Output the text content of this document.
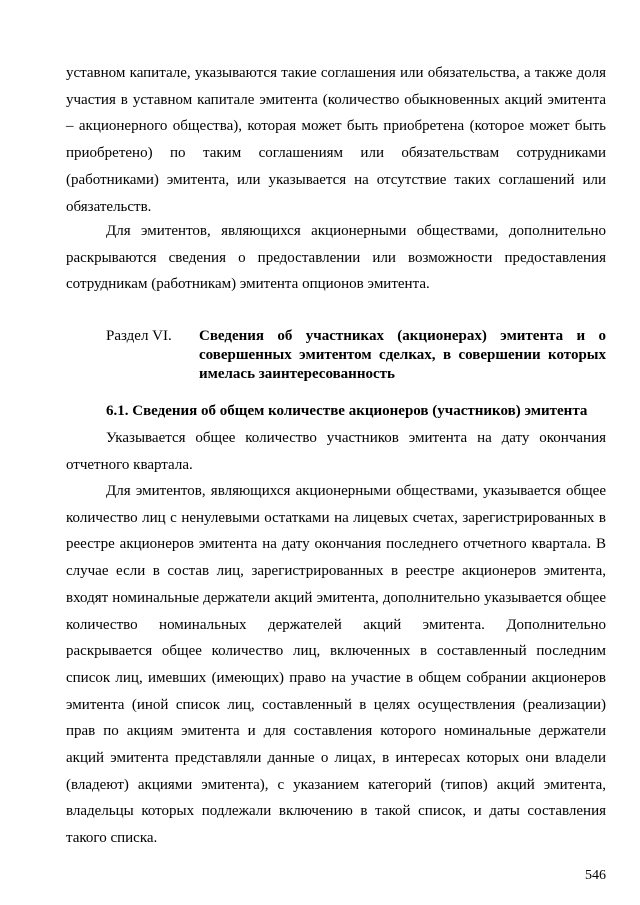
уставном капитале, указываются такие соглашения или обязательства, а также доля участия в уставном капитале эмитента (количество обыкновенных акций эмитента – акционерного общества), которая может быть приобретена (которое может быть приобретено) по таким соглашениям или обязательствам сотрудниками (работниками) эмитента, или указывается на отсутствие таких соглашений или обязательств.

Для эмитентов, являющихся акционерными обществами, дополнительно раскрываются сведения о предоставлении или возможности предоставления сотрудникам (работникам) эмитента опционов эмитента.

Раздел VI.	Сведения об участниках (акционерах) эмитента и о совершенных эмитентом сделках, в совершении которых имелась заинтересованность
6.1. Сведения об общем количестве акционеров (участников) эмитента

Указывается общее количество участников эмитента на дату окончания отчетного квартала.

Для эмитентов, являющихся акционерными обществами, указывается общее количество лиц с ненулевыми остатками на лицевых счетах, зарегистрированных в реестре акционеров эмитента на дату окончания последнего отчетного квартала. В случае если в состав лиц, зарегистрированных в реестре акционеров эмитента, входят номинальные держатели акций эмитента, дополнительно указывается общее количество номинальных держателей акций эмитента. Дополнительно раскрывается общее количество лиц, включенных в составленный последним список лиц, имевших (имеющих) право на участие в общем собрании акционеров эмитента (иной список лиц, составленный в целях осуществления (реализации) прав по акциям эмитента и для составления которого номинальные держатели акций эмитента представляли данные о лицах, в интересах которых они владели (владеют) акциями эмитента), с указанием категорий (типов) акций эмитента, владельцы которых подлежали включению в такой список, и даты составления такого списка.

546
